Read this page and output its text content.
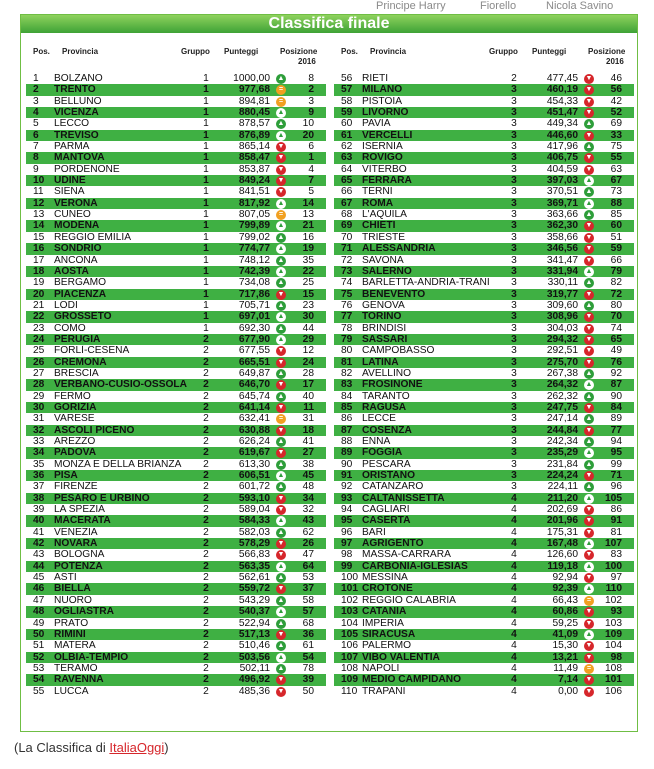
Principe Harry	Fiorello	Nicola Savino
Classifica finale
Pos. Provincia	Gruppo Punteggi	Posizione
2016
Pos. Provincia	Gruppo Punteggi	Posizione
2016
1 BOLZANO	1	1000,00 ▲	8	56 RIETI	2	477,45 ▼	46
2 TRENTO	1	977,68	=	2	57 MILANO	3	460,19 ▼	56
3 BELLUNO	1	894,81	=	3	58 PISTOIA	3	454,33 ▼	42
4 VICENZA	1	880,45 ▲	9	59 LIVORNO	3	451,47 ▼	52
5 LECCO	1	878,57 ▲	10	60 PAVIA	3	449,34 ▲	69
6 TREVISO	1	876,89 ▲	20	61 VERCELLI	3	446,60 ▼	33
7 PARMA	1	865,14 ▼	6	62 ISERNIA	3	417,96 ▲	75
8 MANTOVA	1	858,47 ▼	1	63 ROVIGO	3	406,75 ▼	55
9 PORDENONE	1	853,87 ▼	4	64 VITERBO	3	404,59 ▼	63
10 UDINE	1	849,24 ▼	7	65 FERRARA	3	397,03 ▲	67
11 SIENA	1	841,51 ▼	5	66 TERNI	3	370,51 ▲	73
12 VERONA	1	817,92 ▲	14	67 ROMA	3	369,71 ▲	88
13 CUNEO	1	807,05	=	13	68 L'AQUILA	3	363,66 ▲	85
14 MODENA	1	799,89 ▲	21	69 CHIETI	3	362,30 ▼	60
15 REGGIO EMILIA	1	799,02 ▲	16	70 TRIESTE	3	358,66 ▼	51
16 SONDRIO	1	774,77 ▲	19	71 ALESSANDRIA	3	346,56 ▼	59
17 ANCONA	1	748,12 ▲	35	72 SAVONA	3	341,47 ▼	66
18 AOSTA	1	742,39 ▲	22	73 SALERNO	3	331,94 ▲	79
19 BERGAMO	1	734,08 ▲	25	74 BARLETTA-ANDRIA-TRANI	3	330,11 ▲	82
20 PIACENZA	1	717,86 ▼	15	75 BENEVENTO	3	319,77 ▼	72
21 LODI	1	705,71 ▲	23	76 GENOVA	3	309,60 ▲	80
22 GROSSETO	1	697,01 ▲	30	77 TORINO	3	308,96 ▼	70
23 COMO	1	692,30 ▲	44	78 BRINDISI	3	304,03 ▼	74
24 PERUGIA	2	677,90 ▲	29	79 SASSARI	3	294,32 ▼	65
25 FORLÌ-CESENA	2	677,55 ▼	12	80 CAMPOBASSO	3	292,51 ▼	49
26 CREMONA	2	665,51 ▼	24	81 LATINA	3	275,70 ▼	76
27 BRESCIA	2	649,87 ▲	28	82 AVELLINO	3	267,38 ▲	92
28 VERBANO-CUSIO-OSSOLA	2	646,70 ▼	17	83 FROSINONE	3	264,32 ▲	87
29 FERMO	2	645,74 ▲	40	84 TARANTO	3	262,32 ▲	90
30 GORIZIA	2	641,14 ▼	11	85 RAGUSA	3	247,75 ▼	84
31 VARESE	2	632,41	=	31	86 LECCE	3	247,14 ▲	89
32 ASCOLI PICENO	2	630,88 ▼	18	87 COSENZA	3	244,84 ▼	77
33 AREZZO	2	626,24 ▲	41	88 ENNA	3	242,34 ▲	94
34 PADOVA	2	619,67 ▼	27	89 FOGGIA	3	235,29 ▲	95
35 MONZA E DELLA BRIANZA	2	613,30 ▲	38	90 PESCARA	3	231,84 ▲	99
36 PISA	2	606,51 ▲	45	91 ORISTANO	3	224,24 ▼	71
37 FIRENZE	2	601,72 ▲	48	92 CATANZARO	3	224,11 ▲	96
38 PESARO E URBINO	2	593,10 ▼	34	93 CALTANISSETTA	4	211,20 ▲	105
39 LA SPEZIA	2	589,04 ▼	32	94 CAGLIARI	4	202,69 ▼	86
40 MACERATA	2	584,33 ▲	43	95 CASERTA	4	201,96 ▼	91
41 VENEZIA	2	582,03 ▲	62	96 BARI	4	175,31 ▼	81
42 NOVARA	2	578,29 ▼	26	97 AGRIGENTO	4	167,48 ▲	107
43 BOLOGNA	2	566,83 ▼	47	98 MASSA-CARRARA	4	126,60 ▼	83
44 POTENZA	2	563,35 ▲	64	99 CARBONIA-IGLESIAS	4	119,18 ▲	100
45 ASTI	2	562,61 ▲	53	100 MESSINA	4	92,94 ▼	97
46 BIELLA	2	559,72 ▼	37	101 CROTONE	4	92,39 ▲	110
47 NUORO	2	543,29 ▲	58	102 REGGIO CALABRIA	4	66,43	=	102
48 OGLIASTRA	2	540,37 ▲	57	103 CATANIA	4	60,86 ▼	93
49 PRATO	2	522,94 ▲	68	104 IMPERIA	4	59,25 ▼	103
50 RIMINI	2	517,13 ▼	36	105 SIRACUSA	4	41,09 ▲	109
51 MATERA	2	510,46 ▲	61	106 PALERMO	4	15,30 ▼	104
52 OLBIA-TEMPIO	2	503,56 ▲	54	107 VIBO VALENTIA	4	13,21 ▼	98
53 TERAMO	2	502,11 ▲	78	108 NAPOLI	4	11,49	=	108
54 RAVENNA	2	496,92 ▼	39	109 MEDIO CAMPIDANO	4	7,14 ▼	101
55 LUCCA	2	485,36 ▼	50	110 TRAPANI	4	0,00 ▼	106
(La Classifica di ItaliaOggi)
